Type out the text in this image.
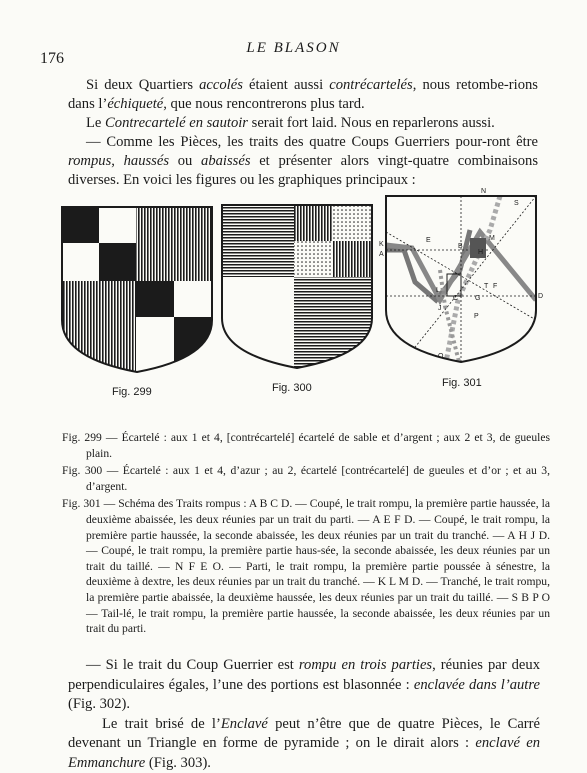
176
LE BLASON

Si deux Quartiers accolés étaient aussi contrécartelés, nous retombe-rions dans l’échiqueté, que nous rencontrerons plus tard.

Le Contrecartelé en sautoir serait fort laid. Nous en reparlerons aussi.

— Comme les Pièces, les traits des quatre Coups Guerriers pour-ront être rompus, haussés ou abaissés et présenter alors vingt-quatre combinaisons diverses. En voici les figures ou les graphiques principaux :

N
S
K
E
B
M
A	H
L
F
C	D
G
J
P
O
T
Fig. 299	Fig. 300	Fig. 301

Fig. 299 — Écartelé : aux 1 et 4, [contrécartelé] écartelé de sable et d’argent ; aux 2 et 3, de gueules plain.

Fig. 300 — Écartelé : aux 1 et 4, d’azur ; au 2, écartelé [contrécartelé] de gueules et d’or ; et au 3, d’argent.

Fig. 301 — Schéma des Traits rompus : A B C D. — Coupé, le trait rompu, la première partie haussée, la deuxième abaissée, les deux réunies par un trait du parti. — A E F D. — Coupé, le trait rompu, la première partie haussée, la seconde abaissée, les deux réunies par un trait du tranché. — A H J D. — Coupé, le trait rompu, la première partie haus-sée, la seconde abaissée, les deux réunies par un trait du taillé. — N F E O. — Parti, le trait rompu, la première partie poussée à sénestre, la deuxième à dextre, les deux réunies par un trait du tranché. — K L M D. — Tranché, le trait rompu, la première partie abaissée, la deuxième haussée, les deux réunies par un trait du taillé. — S B P O — Tail-lé, le trait rompu, la première partie haussée, la seconde abaissée, les deux réunies par un trait du parti.

— Si le trait du Coup Guerrier est rompu en trois parties, réunies par deux perpendiculaires égales, l’une des portions est blasonnée : enclavée dans l’autre (Fig. 302).

Le trait brisé de l’Enclavé peut n’être que de quatre Pièces, le Carré devenant un Triangle en forme de pyramide ; on le dirait alors : enclavé en Emmanchure (Fig. 303).
